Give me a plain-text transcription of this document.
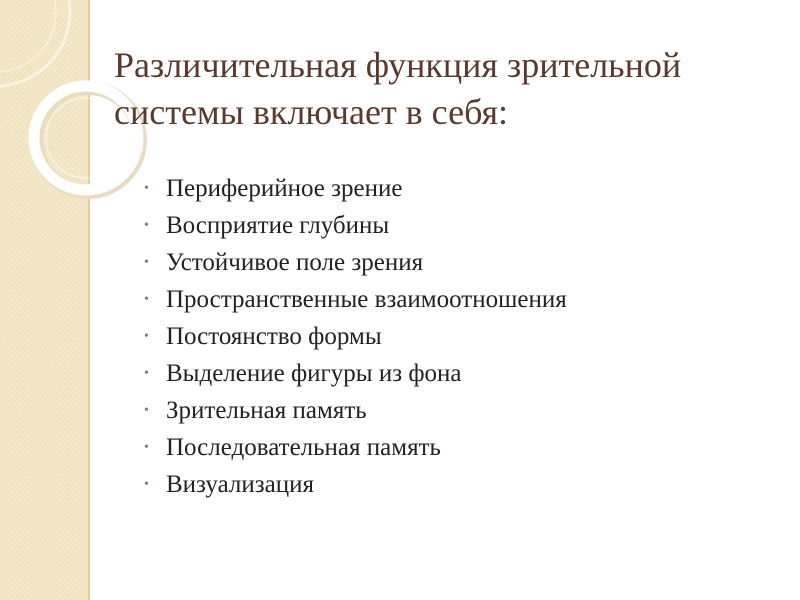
Различительная функция зрительной системы включает в себя:
• Периферийное зрение
• Восприятие глубины
• Устойчивое поле зрения
• Пространственные взаимоотношения
• Постоянство формы
• Выделение фигуры из фона
• Зрительная память
• Последовательная память
• Визуализация
